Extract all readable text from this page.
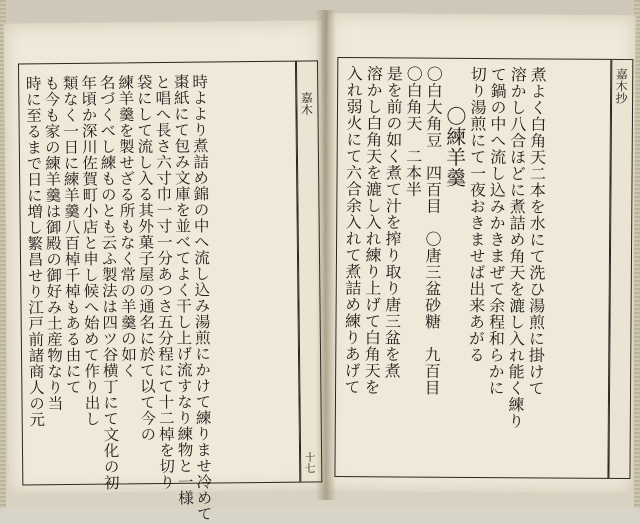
嘉木
十七
時よより煮詰め錦の中へ流し込み湯煎にかけて練りませ冷めて
棗紙にて包み文庫を並べてよく干し上げ流すなり練物と一様
と唱へ長さ六寸巾一寸一分あつさ五分程にて十二棹を切り
袋にして流し入る其外菓子屋の通名に於て以て今の
練羊羹を製せざる所もなく常の羊羹の如く
名づくべし練ものとも云ふ製法は四ツ谷横丁にて文化の初
年頃か深川佐賀町小店と申し候へ始めて作り出し
類なく一日に練羊羹八百棹千棹もある由にて
も今も家の練羊羹は御殿の御好み土産物なり当
時に至るまで日に増し繁昌せり江戸前諸商人の元	嘉木抄
煮よく白角天二本を水にて洗ひ湯煎に掛けて
溶かし八合ほどに煮詰め角天を漉し入れ能く練り
て鍋の中へ流し込みかきまぜて余程和らかに
切り湯煎にて一夜おきませば出来あがる
〇練羊羹
〇白大角豆　四百目　〇唐三盆砂糖　九百目
〇白角天　二本半
是を前の如く煮て汁を搾り取り唐三盆を煮
溶かし白角天を漉し入れ練り上げて白角天を
入れ弱火にて六合余入れて煮詰め練りあげて
